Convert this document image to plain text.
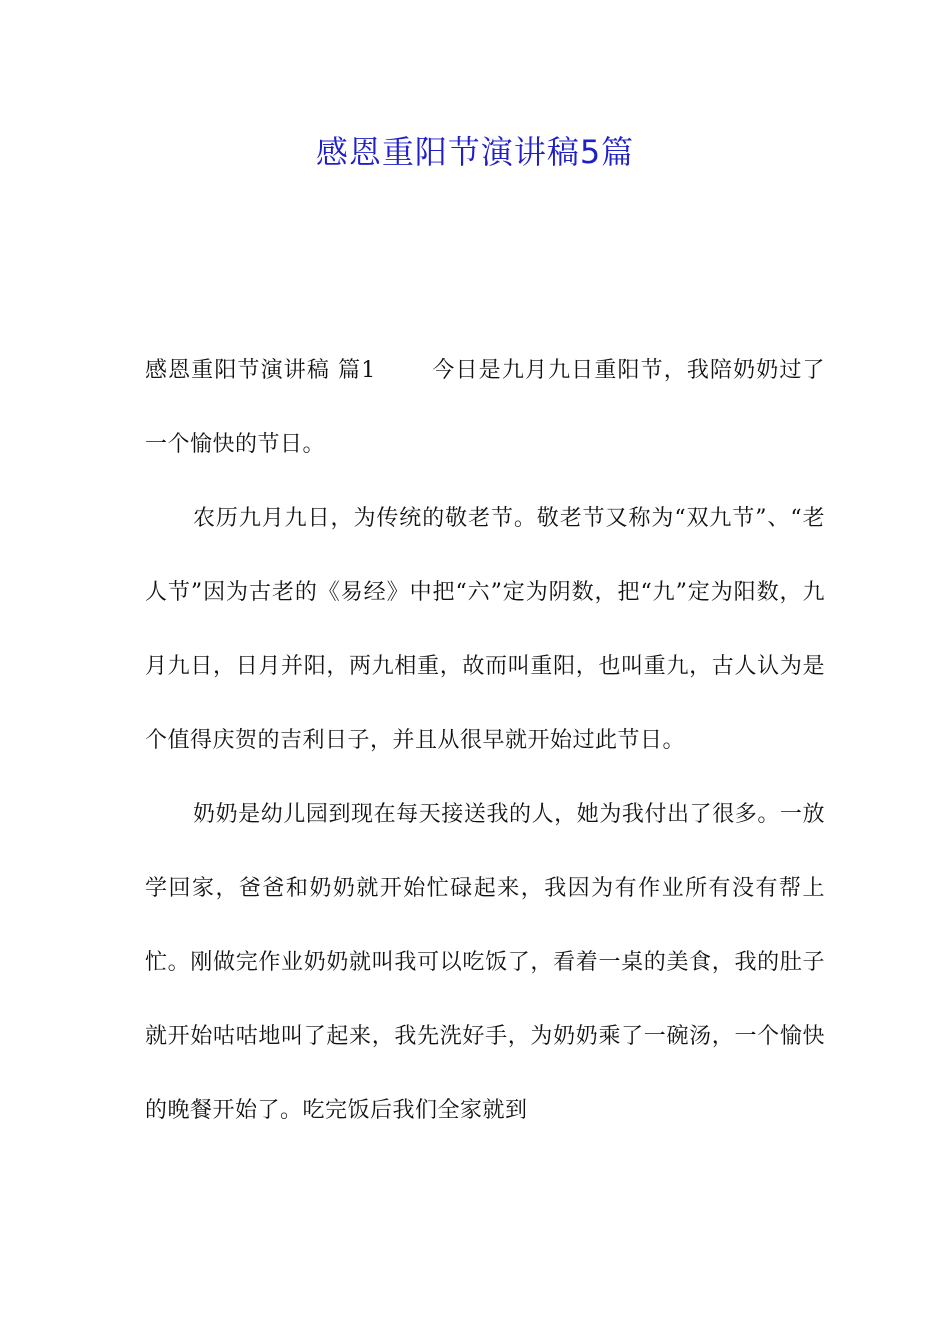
感恩重阳节演讲稿5篇

感恩重阳节演讲稿 篇1	今日是九月九日重阳节，我陪奶奶过了一个愉快的节日。

农历九月九日，为传统的敬老节。敬老节又称为“双九节”、“老人节”因为古老的《易经》中把“六”定为阴数，把“九”定为阳数，九月九日，日月并阳，两九相重，故而叫重阳，也叫重九，古人认为是个值得庆贺的吉利日子，并且从很早就开始过此节日。

奶奶是幼儿园到现在每天接送我的人，她为我付出了很多。一放学回家，爸爸和奶奶就开始忙碌起来，我因为有作业所有没有帮上忙。刚做完作业奶奶就叫我可以吃饭了，看着一桌的美食，我的肚子就开始咕咕地叫了起来，我先洗好手，为奶奶乘了一碗汤，一个愉快的晚餐开始了。吃完饭后我们全家就到
